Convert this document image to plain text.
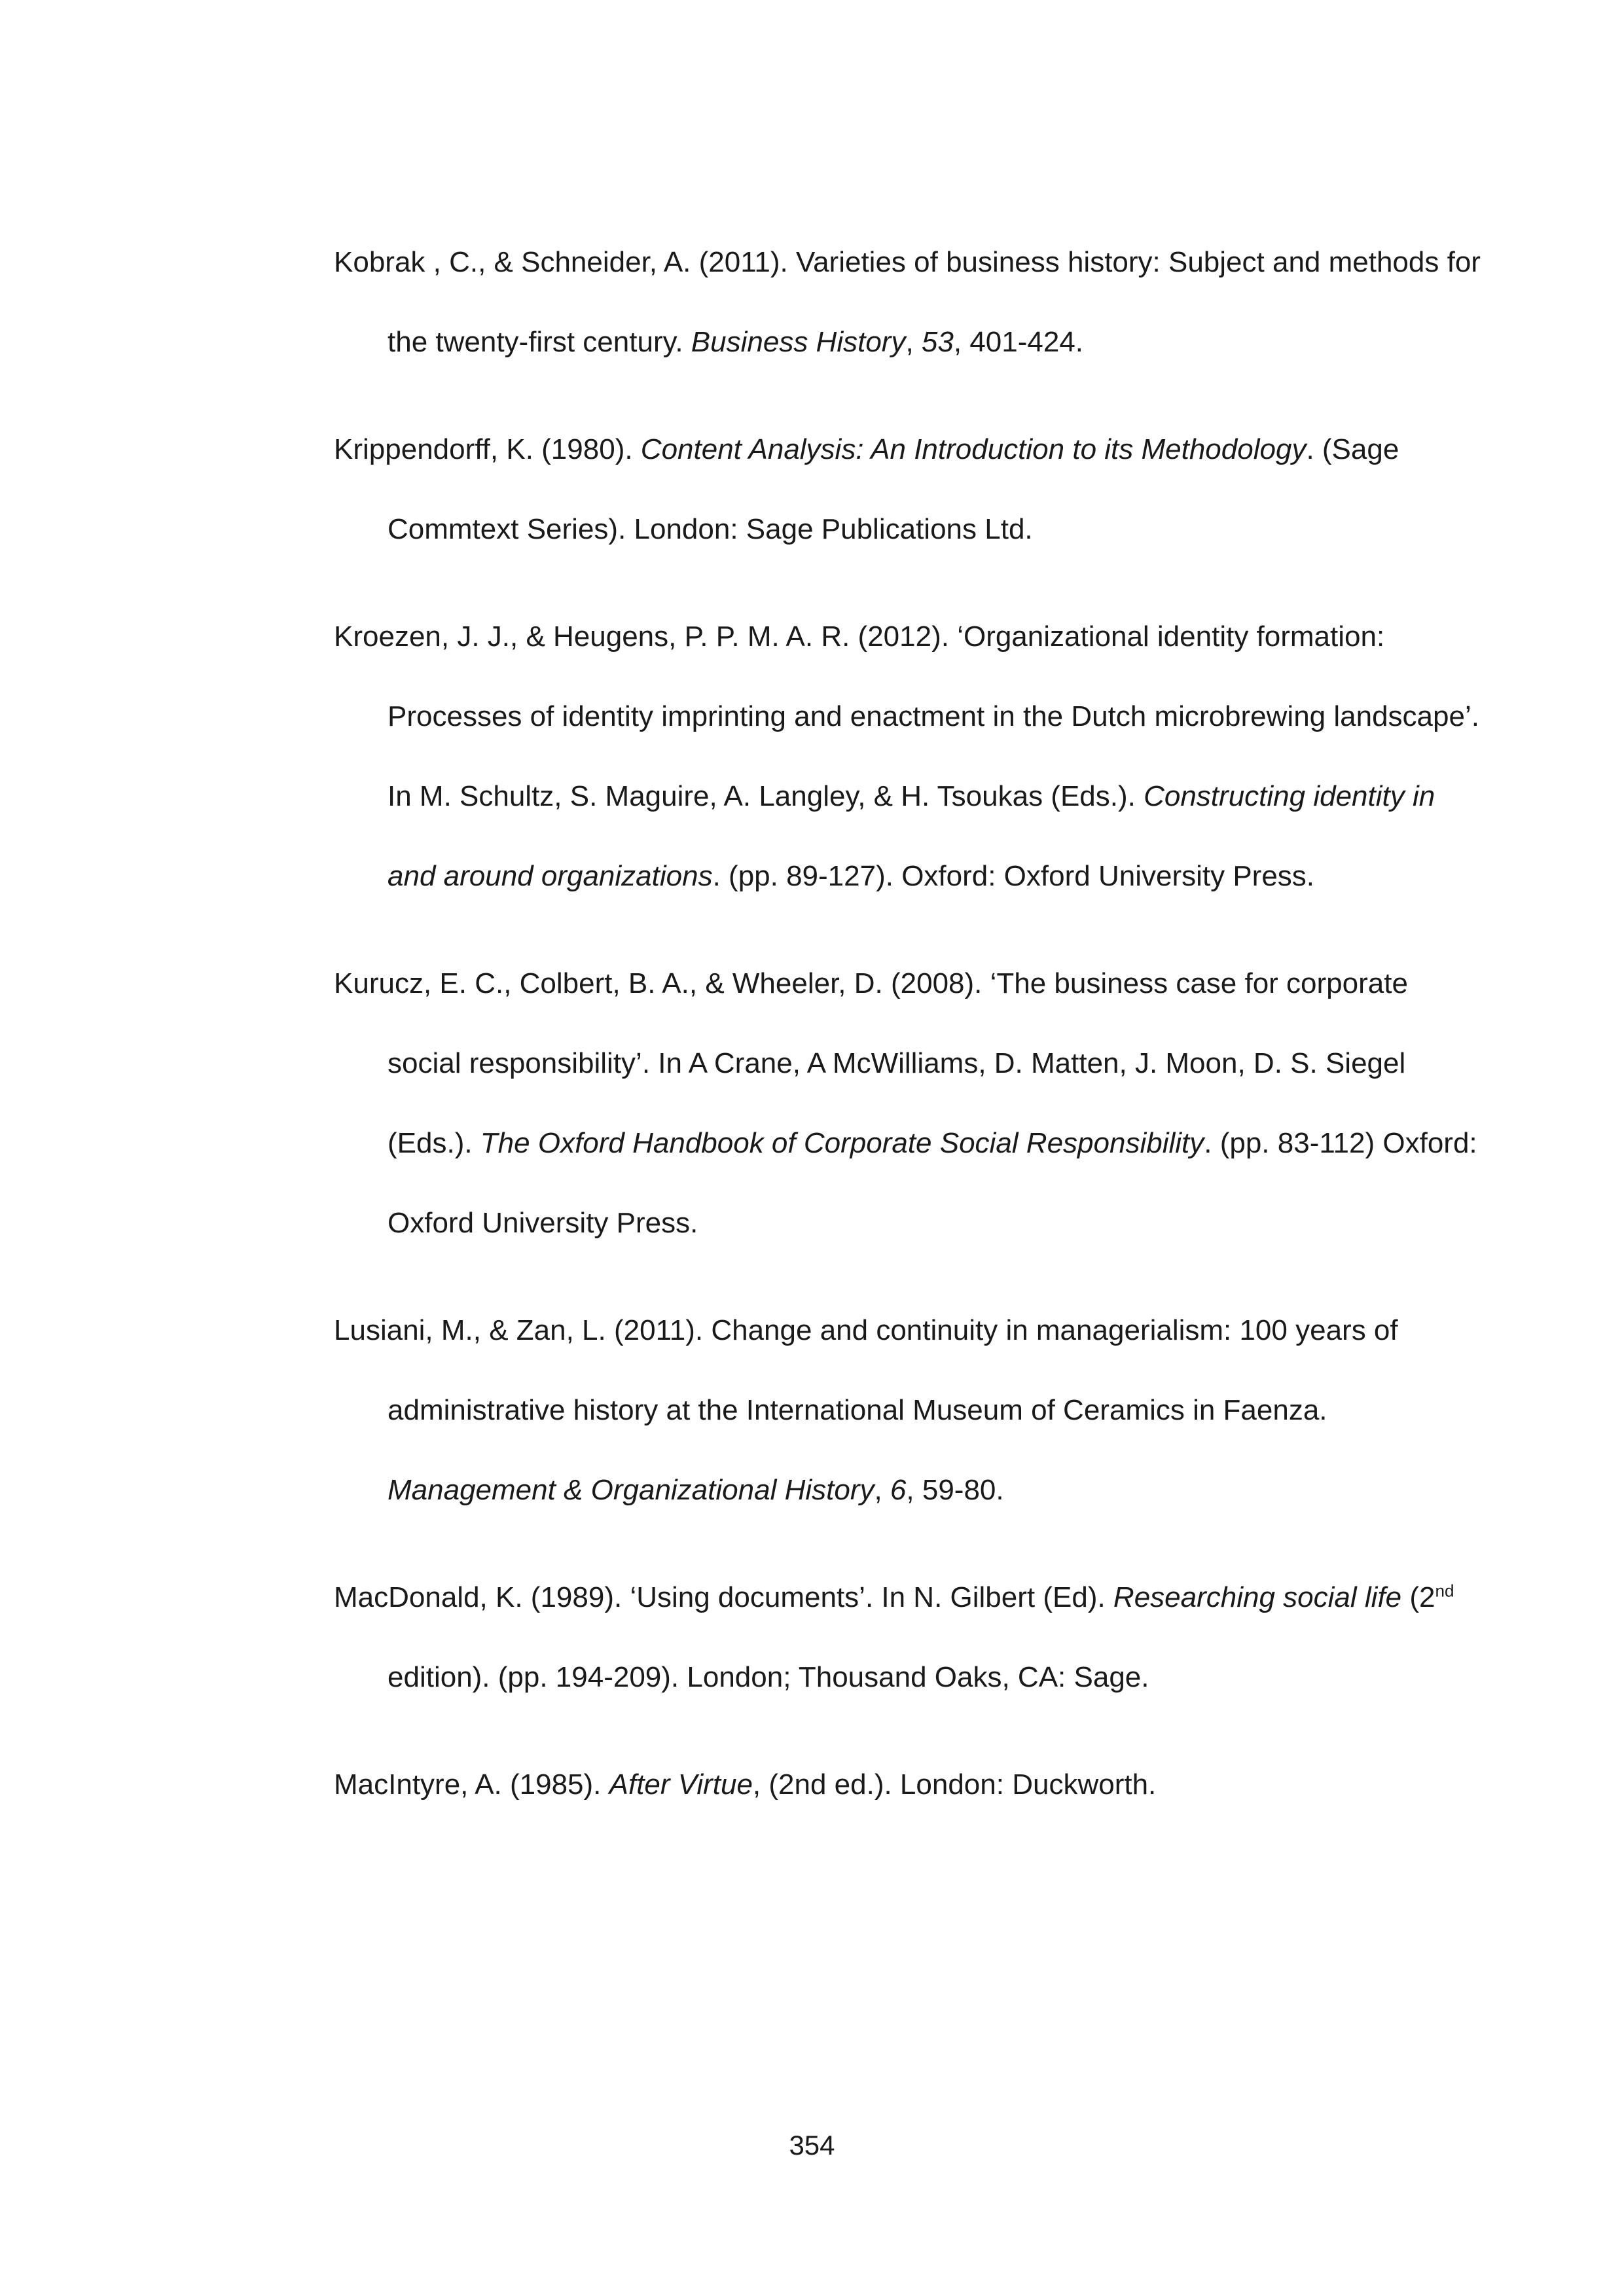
Kobrak , C., & Schneider, A. (2011). Varieties of business history: Subject and methods for the twenty-first century. Business History, 53, 401-424.
Krippendorff, K. (1980). Content Analysis: An Introduction to its Methodology. (Sage Commtext Series). London: Sage Publications Ltd.
Kroezen, J. J., & Heugens, P. P. M. A. R. (2012). ‘Organizational identity formation: Processes of identity imprinting and enactment in the Dutch microbrewing landscape’. In M. Schultz, S. Maguire, A. Langley, & H. Tsoukas (Eds.). Constructing identity in and around organizations. (pp. 89-127). Oxford: Oxford University Press.
Kurucz, E. C., Colbert, B. A., & Wheeler, D. (2008). ‘The business case for corporate social responsibility’. In A Crane, A McWilliams, D. Matten, J. Moon, D. S. Siegel (Eds.). The Oxford Handbook of Corporate Social Responsibility. (pp. 83-112) Oxford: Oxford University Press.
Lusiani, M., & Zan, L. (2011). Change and continuity in managerialism: 100 years of administrative history at the International Museum of Ceramics in Faenza. Management & Organizational History, 6, 59-80.
MacDonald, K. (1989). ‘Using documents’. In N. Gilbert (Ed). Researching social life (2nd edition). (pp. 194-209). London; Thousand Oaks, CA: Sage.
MacIntyre, A. (1985). After Virtue, (2nd ed.). London: Duckworth.
354
